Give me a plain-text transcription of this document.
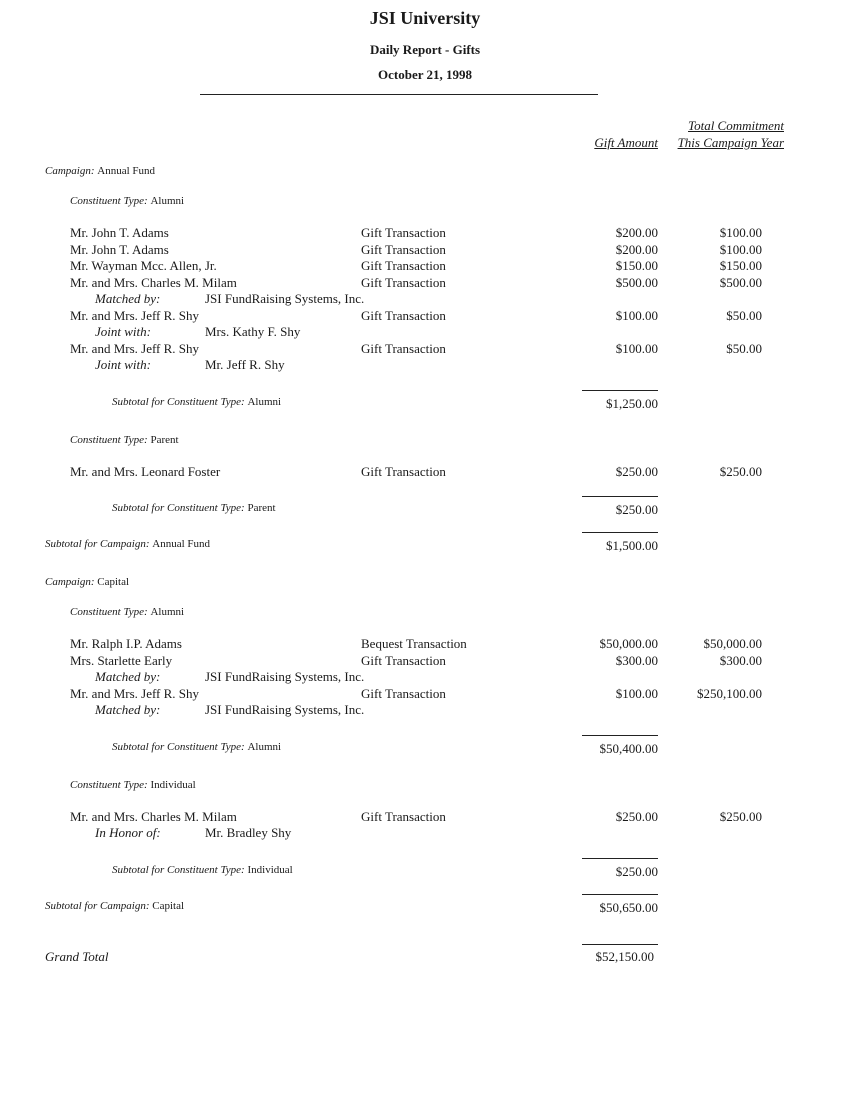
JSI University
Daily Report - Gifts
October 21, 1998
Total Commitment
Gift Amount	This Campaign Year
Campaign: Annual Fund
Constituent Type: Alumni
Mr. John T. Adams	Gift Transaction	$200.00	$100.00
Mr. John T. Adams	Gift Transaction	$200.00	$100.00
Mr. Wayman Mcc. Allen, Jr.	Gift Transaction	$150.00	$150.00
Mr. and Mrs. Charles M. Milam	Gift Transaction	$500.00	$500.00
Matched by:	JSI FundRaising Systems, Inc.
Mr. and Mrs. Jeff R. Shy	Gift Transaction	$100.00	$50.00
Joint with:	Mrs. Kathy F. Shy
Mr. and Mrs. Jeff R. Shy	Gift Transaction	$100.00	$50.00
Joint with:	Mr. Jeff R. Shy
Subtotal for Constituent Type: Alumni	$1,250.00
Constituent Type: Parent
Mr. and Mrs. Leonard Foster	Gift Transaction	$250.00	$250.00
Subtotal for Constituent Type: Parent	$250.00
Subtotal for Campaign: Annual Fund	$1,500.00
Campaign: Capital
Constituent Type: Alumni
Mr. Ralph I.P. Adams	Bequest Transaction	$50,000.00	$50,000.00
Mrs. Starlette Early	Gift Transaction	$300.00	$300.00
Matched by:	JSI FundRaising Systems, Inc.
Mr. and Mrs. Jeff R. Shy	Gift Transaction	$100.00	$250,100.00
Matched by:	JSI FundRaising Systems, Inc.
Subtotal for Constituent Type: Alumni	$50,400.00
Constituent Type: Individual
Mr. and Mrs. Charles M. Milam	Gift Transaction	$250.00	$250.00
In Honor of:	Mr. Bradley Shy
Subtotal for Constituent Type: Individual	$250.00
Subtotal for Campaign: Capital	$50,650.00
Grand Total	$52,150.00
